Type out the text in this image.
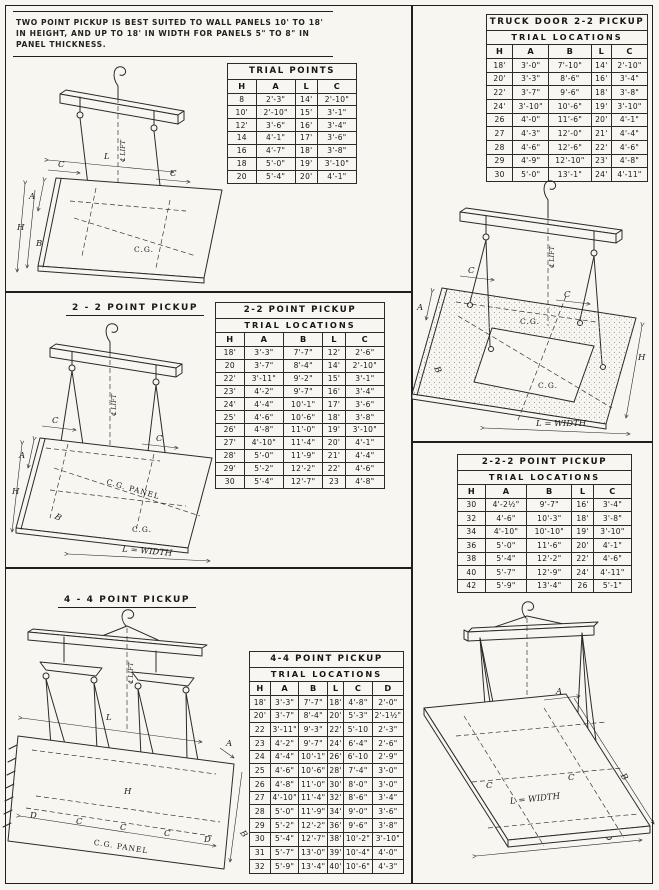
TWO POINT PICKUP IS BEST SUITED TO WALL PANELS 10' TO 18' IN HEIGHT, AND UP TO 18' IN WIDTH FOR PANELS 5" TO 8" IN PANEL THICKNESS.
TRIAL POINTS			
H	A	L	C
8	2'-3"	14'	2'-10"
10'	2'-10"	15'	3'-1"
12'	3'-6"	16'	3'-4"
14	4'-1"	17'	3'-6"
16	4'-7"	18'	3'-8"
18	5'-0"	19'	3'-10"
20	5'-4"	20'	4'-1"
TRUCK DOOR 2-2 PICKUP				
TRIAL LOCATIONS				
H	A	B	L	C
18'	3'-0"	7'-10"	14'	2'-10"
20'	3'-3"	8'-6"	16'	3'-4"
22'	3'-7"	9'-6"	18'	3'-8"
24'	3'-10"	10'-6"	19'	3'-10"
26	4'-0"	11'-6"	20'	4'-1"
27	4'-3"	12'-0"	21'	4'-4"
28	4'-6"	12'-6"	22'	4'-6"
29	4'-9"	12'-10"	23'	4'-8"
30	5'-0"	13'-1"	24'	4'-11"
2-2 POINT PICKUP				
TRIAL LOCATIONS				
H	A	B	L	C
18'	3'-3"	7'-7"	12'	2'-6"
20	3'-7"	8'-4"	14'	2'-10"
22'	3'-11"	9'-2"	15'	3'-1"
23'	4'-2"	9'-7"	16'	3'-4"
24'	4'-4"	10'-1"	17'	3'-6"
25'	4'-6"	10'-6"	18'	3'-8"
26'	4'-8"	11'-0"	19'	3'-10"
27'	4'-10"	11'-4"	20'	4'-1"
28'	5'-0"	11'-9"	21'	4'-4"
29'	5'-2"	12'-2"	22'	4'-6"
30	5'-4"	12'-7"	23	4'-8"
2-2-2 POINT PICKUP				
TRIAL LOCATIONS				
H	A	B	L	C
30	4'-2½"	9'-7"	16'	3'-4"
32	4'-6"	10'-3"	18'	3'-8"
34	4'-10"	10'-10"	19'	3'-10"
36	5'-0"	11'-6"	20'	4'-1"
38	5'-4"	12'-2"	22'	4'-6"
40	5'-7"	12'-9"	24'	4'-11"
42	5'-9"	13'-4"	26	5'-1"
4-4 POINT PICKUP					
TRIAL LOCATIONS					
H	A	B	L	C	D
18'	3'-3"	7'-7"	18'	4'-8"	2'-0"
20'	3'-7"	8'-4"	20'	5'-3"	2'-1½"
22	3'-11"	9'-3"	22'	5'-10	2'-3"
23	4'-2"	9'-7"	24'	6'-4"	2'-6"
24	4'-4"	10'-1"	26'	6'-10	2'-9"
25	4'-6"	10'-6"	28'	7'-4"	3'-0"
26	4'-8"	11'-0"	30'	8'-0"	3'-0"
27	4'-10"	11'-4"	32'	8'-6"	3'-4"
28	5'-0"	11'-9"	34'	9'-0"	3'-6"
29	5'-2"	12'-2"	36'	9'-6"	3'-8"
30	5'-4"	12'-7"	38'	10'-2"	3'-10"
31	5'-7"	13'-0"	39'	10'-4"	4'-0"
32	5'-9"	13'-4"	40'	10'-6"	4'-3"
2 - 2 POINT PICKUP
4 - 4 POINT PICKUP
℄ LIFT
C.G.
L
C
C
A
H
B
℄ LIFT
C.G. PANEL
C.G.
C
C
A
H
B
L = WIDTH
℄ LIFT
C.G.
C.G.
C
C
A
B
H
L = WIDTH
℄ LIFT
C.G. PANEL
D
C
C
C
D
L
A
H
B
A
C
C
L = WIDTH
B
